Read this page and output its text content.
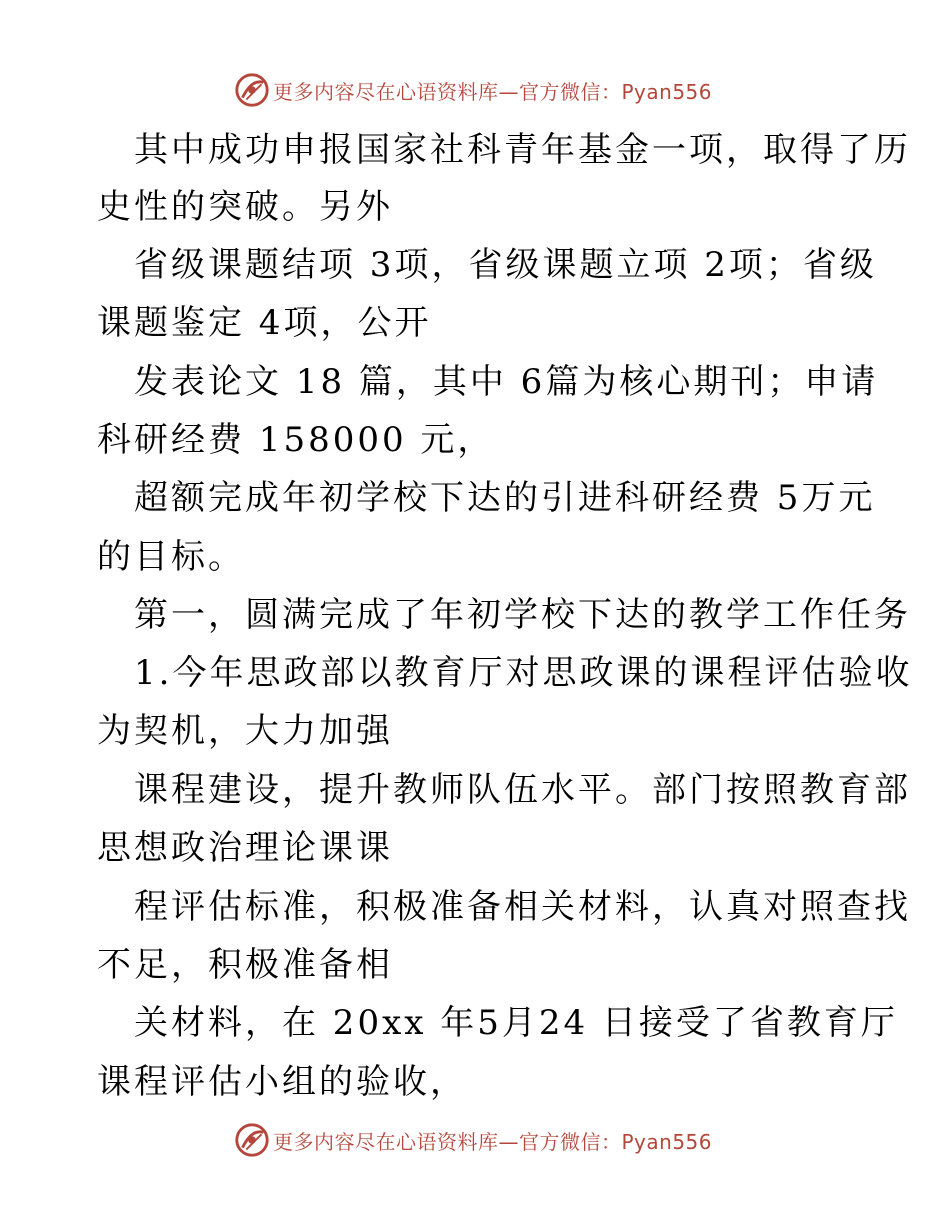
更多内容尽在心语资料库—官方微信：Pyan556
其中成功申报国家社科青年基金一项，取得了历
史性的突破。另外
省级课题结项 3项，省级课题立项 2项；省级
课题鉴定 4项，公开
发表论文 18 篇，其中 6篇为核心期刊；申请
科研经费 158000 元，
超额完成年初学校下达的引进科研经费 5万元
的目标。
第一，圆满完成了年初学校下达的教学工作任务
1.今年思政部以教育厅对思政课的课程评估验收
为契机，大力加强
课程建设，提升教师队伍水平。部门按照教育部
思想政治理论课课
程评估标准，积极准备相关材料，认真对照查找
不足，积极准备相
关材料，在 20xx 年5月24 日接受了省教育厅
课程评估小组的验收，
更多内容尽在心语资料库—官方微信：Pyan556
